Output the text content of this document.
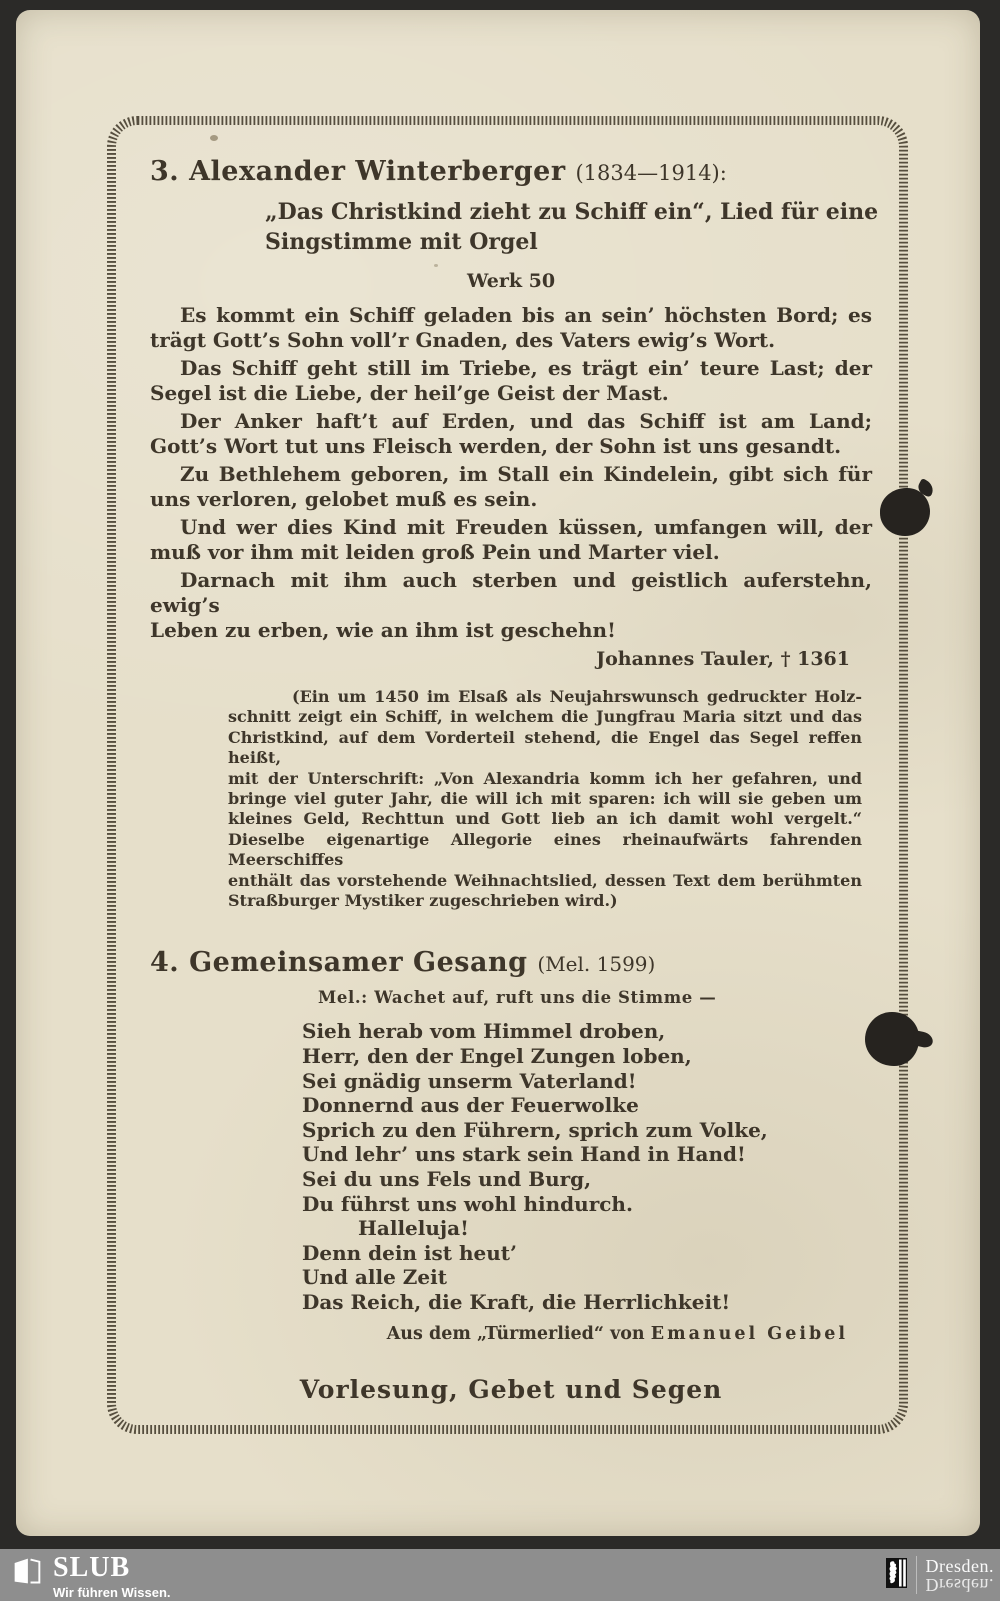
3. Alexander Winterberger (1834—1914):
„Das Christkind zieht zu Schiff ein“, Lied für eine
Singstimme mit Orgel
Werk 50
Es kommt ein Schiff geladen bis an sein’ höchsten Bord; es
trägt Gott’s Sohn voll’r Gnaden, des Vaters ewig’s Wort.
Das Schiff geht still im Triebe, es trägt ein’ teure Last; der
Segel ist die Liebe, der heil’ge Geist der Mast.
Der Anker haft’t auf Erden, und das Schiff ist am Land;
Gott’s Wort tut uns Fleisch werden, der Sohn ist uns gesandt.
Zu Bethlehem geboren, im Stall ein Kindelein, gibt sich für
uns verloren, gelobet muß es sein.
Und wer dies Kind mit Freuden küssen, umfangen will, der
muß vor ihm mit leiden groß Pein und Marter viel.
Darnach mit ihm auch sterben und geistlich auferstehn, ewig’s
Leben zu erben, wie an ihm ist geschehn!
Johannes Tauler, † 1361
(Ein um 1450 im Elsaß als Neujahrswunsch gedruckter Holz-
schnitt zeigt ein Schiff, in welchem die Jungfrau Maria sitzt und das
Christkind, auf dem Vorderteil stehend, die Engel das Segel reffen heißt,
mit der Unterschrift: „Von Alexandria komm ich her gefahren, und
bringe viel guter Jahr, die will ich mit sparen: ich will sie geben um
kleines Geld, Rechttun und Gott lieb an ich damit wohl vergelt.“
Dieselbe eigenartige Allegorie eines rheinaufwärts fahrenden Meerschiffes
enthält das vorstehende Weihnachtslied, dessen Text dem berühmten
Straßburger Mystiker zugeschrieben wird.)
4. Gemeinsamer Gesang (Mel. 1599)
Mel.: Wachet auf, ruft uns die Stimme —
Sieh herab vom Himmel droben,
Herr, den der Engel Zungen loben,
Sei gnädig unserm Vaterland!
Donnernd aus der Feuerwolke
Sprich zu den Führern, sprich zum Volke,
Und lehr’ uns stark sein Hand in Hand!
Sei du uns Fels und Burg,
Du führst uns wohl hindurch.
Halleluja!
Denn dein ist heut’
Und alle Zeit
Das Reich, die Kraft, die Herrlichkeit!
Aus dem „Türmerlied“ von Emanuel Geibel
Vorlesung, Gebet und Segen
SLUB
Wir führen Wissen.
Dresden.
Dresden.
